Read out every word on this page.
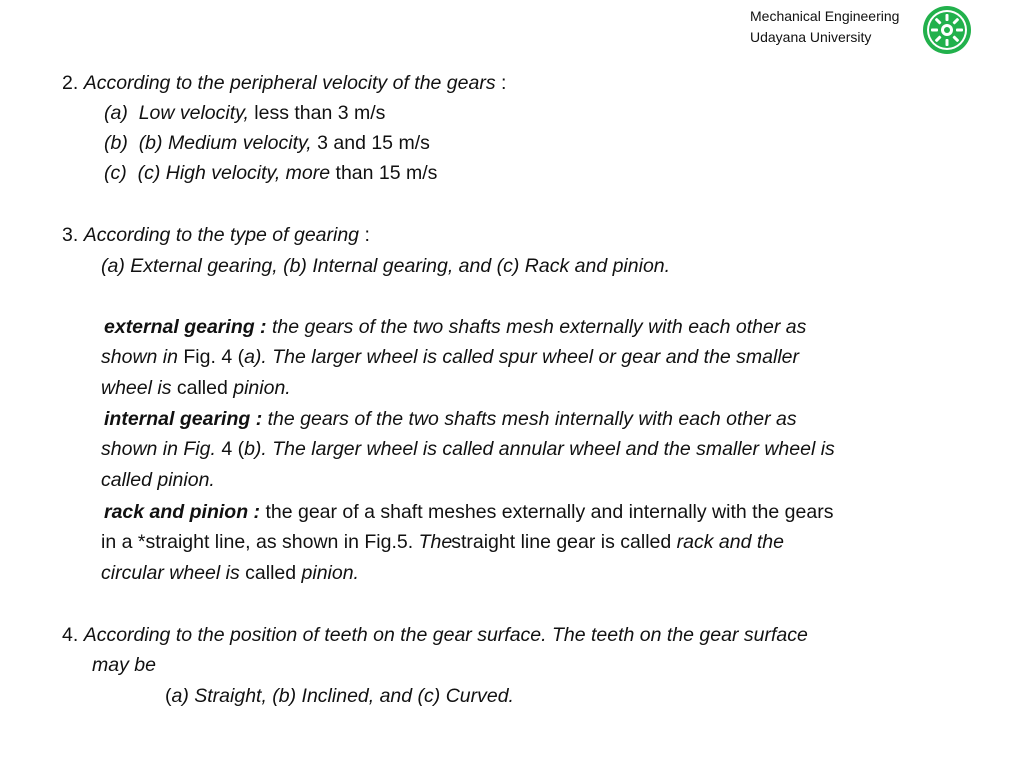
Mechanical Engineering
Udayana University
2. According to the peripheral velocity of the gears :
(a) Low velocity, less than 3 m/s
(b) (b) Medium velocity, 3 and 15 m/s
(c) (c) High velocity, more than 15 m/s
3. According to the type of gearing :
(a) External gearing, (b) Internal gearing, and (c) Rack and pinion.
external gearing : the gears of the two shafts mesh externally with each other as
shown in Fig. 4 (a). The larger wheel is called spur wheel or gear and the smaller
wheel is called pinion.
internal gearing : the gears of the two shafts mesh internally with each other as
shown in Fig. 4 (b). The larger wheel is called annular wheel and the smaller wheel is
called pinion.
rack and pinion : the gear of a shaft meshes externally and internally with the gears
in a *straight line, as shown in Fig.5. Thestraight line gear is called rack and the
circular wheel is called pinion.
4. According to the position of teeth on the gear surface. The teeth on the gear surface
may be
(a) Straight, (b) Inclined, and (c) Curved.
